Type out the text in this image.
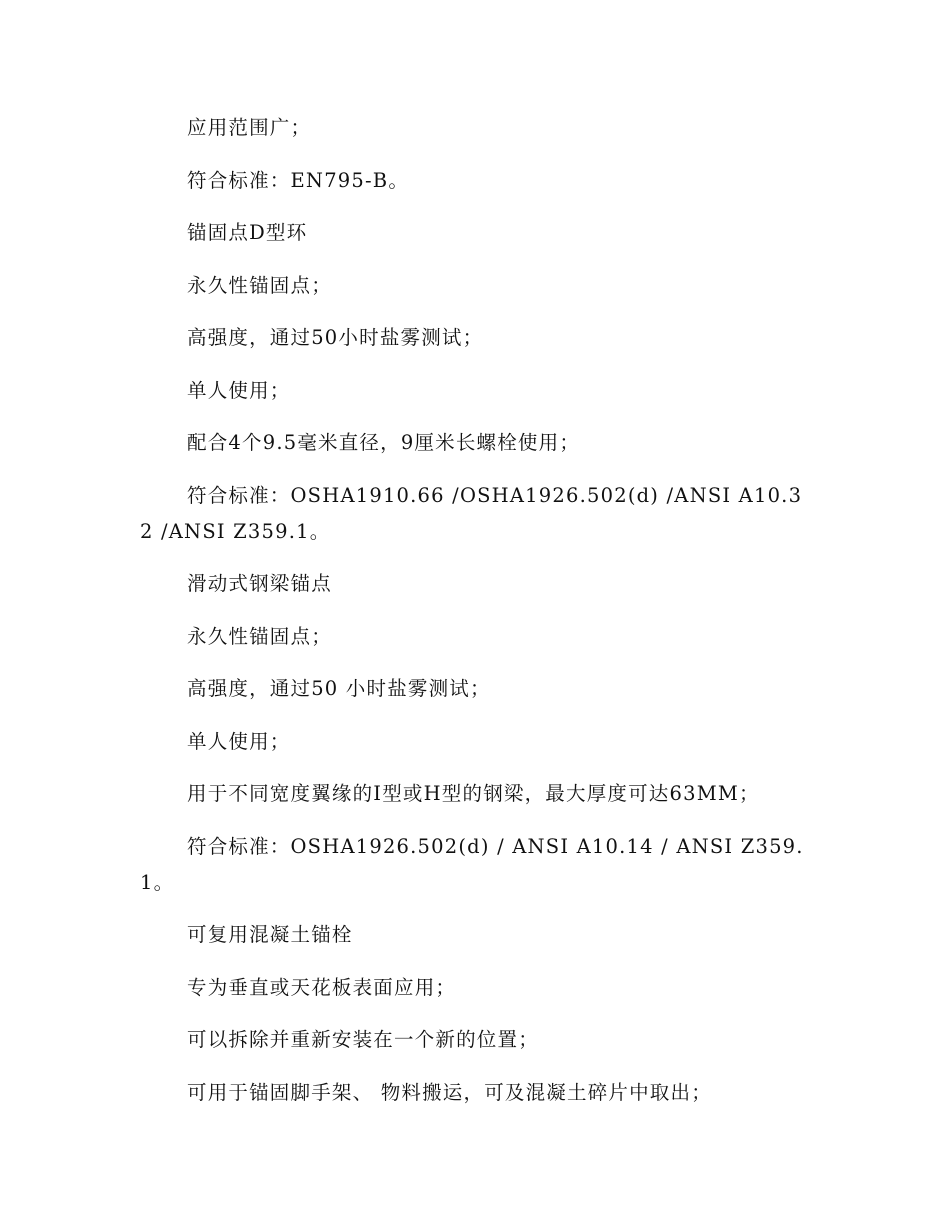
应用范围广；

符合标准：EN795-B。

锚固点D型环

永久性锚固点；

高强度，通过50小时盐雾测试；

单人使用；

配合4个9.5毫米直径，9厘米长螺栓使用；

符合标准：OSHA1910.66 /OSHA1926.502(d) /ANSI A10.32 /ANSI Z359.1。

滑动式钢梁锚点

永久性锚固点；

高强度，通过50 小时盐雾测试；

单人使用；

用于不同宽度翼缘的I型或H型的钢梁，最大厚度可达63MM；

符合标准：OSHA1926.502(d) / ANSI A10.14 / ANSI Z359.1。

可复用混凝土锚栓

专为垂直或天花板表面应用；

可以拆除并重新安装在一个新的位置；

可用于锚固脚手架、 物料搬运，可及混凝土碎片中取出；
